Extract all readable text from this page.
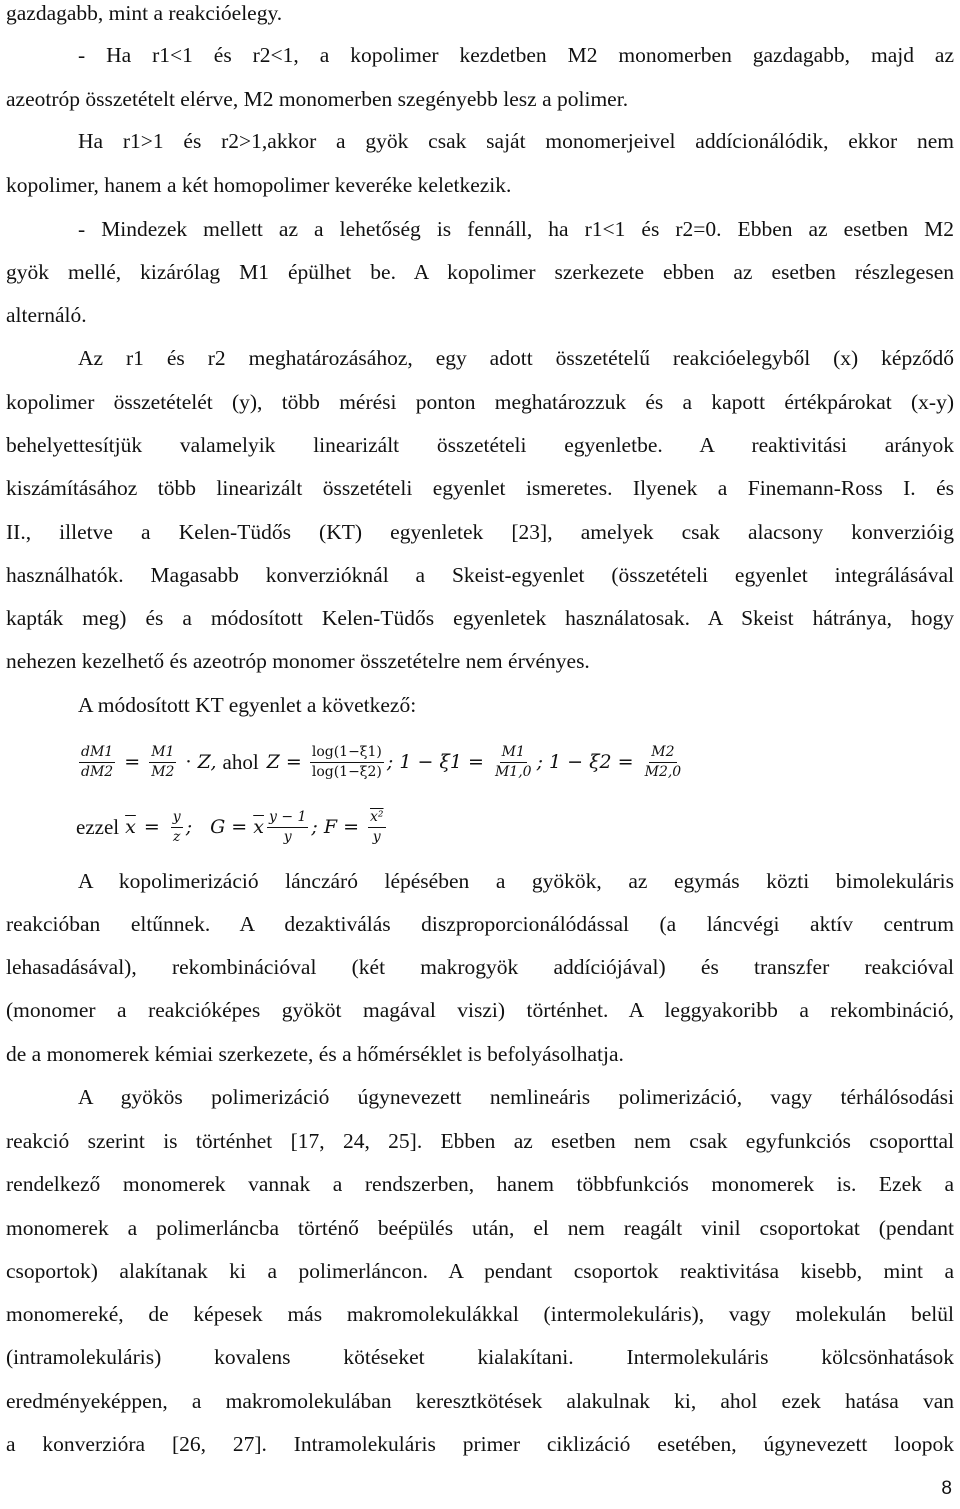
gazdagabb, mint a reakcióelegy.

- Ha r1<1 és r2<1, a kopolimer kezdetben M2 monomerben gazdagabb, majd az

azeotróp összetételt elérve, M2 monomerben szegényebb lesz a polimer.

Ha r1>1 és r2>1,akkor a gyök csak saját monomerjeivel addícionálódik, ekkor nem

kopolimer, hanem a két homopolimer keveréke keletkezik.

- Mindezek mellett az a lehetőség is fennáll, ha r1<1 és r2=0. Ebben az esetben M2

gyök mellé, kizárólag M1 épülhet be. A kopolimer szerkezete ebben az esetben részlegesen

alternáló.

Az r1 és r2 meghatározásához, egy adott összetételű reakcióelegyből (x) képződő

kopolimer összetételét (y), több mérési ponton meghatározzuk és a kapott értékpárokat (x-y)

behelyettesítjük valamelyik linearizált összetételi egyenletbe. A reaktivitási arányok

kiszámításához több linearizált összetételi egyenlet ismeretes. Ilyenek a Finemann-Ross I. és

II., illetve a Kelen-Tüdős (KT) egyenletek [23], amelyek csak alacsony konverzióig

használhatók. Magasabb konverzióknál a Skeist-egyenlet (összetételi egyenlet integrálásával

kapták meg) és a módosított Kelen-Tüdős egyenletek használatosak. A Skeist hátránya, hogy

nehezen kezelhető és azeotróp monomer összetételre nem érvényes.

A módosított KT egyenlet a következő:

$\frac{dM1}{dM2} = \frac{M1}{M2} \cdot Z$, ahol $Z = \frac{\log(1-\xi 1)}{\log(1-\xi 2)}$ ; $1 - \xi 1 = \frac{M1}{M1,0}$ ; $1 - \xi 2 = \frac{M2}{M2,0}$
ezzel $\overline{x} = \frac{y}{z}$ ; $G = \overline{x} \frac{y - 1}{y}$ ; $F = \frac{\text{x²}}{y}$

A kopolimerizáció lánczáró lépésében a gyökök, az egymás közti bimolekuláris

reakcióban eltűnnek. A dezaktiválás diszproporcionálódással (a láncvégi aktív centrum

lehasadásával), rekombinációval (két makrogyök addíciójával) és transzfer reakcióval

(monomer a reakcióképes gyököt magával viszi) történhet. A leggyakoribb a rekombináció,

de a monomerek kémiai szerkezete, és a hőmérséklet is befolyásolhatja.

A gyökös polimerizáció úgynevezett nemlineáris polimerizáció, vagy térhálósodási

reakció szerint is történhet [17, 24, 25]. Ebben az esetben nem csak egyfunkciós csoporttal

rendelkező monomerek vannak a rendszerben, hanem többfunkciós monomerek is. Ezek a

monomerek a polimerláncba történő beépülés után, el nem reagált vinil csoportokat (pendant

csoportok) alakítanak ki a polimerláncon. A pendant csoportok reaktivitása kisebb, mint a

monomereké, de képesek más makromolekulákkal (intermolekuláris), vagy molekulán belül

(intramolekuláris) kovalens kötéseket kialakítani. Intermolekuláris kölcsönhatások

eredményeképpen, a makromolekulában keresztkötések alakulnak ki, ahol ezek hatása van

a konverzióra [26, 27]. Intramolekuláris primer ciklizáció esetében, úgynevezett loopok

8
